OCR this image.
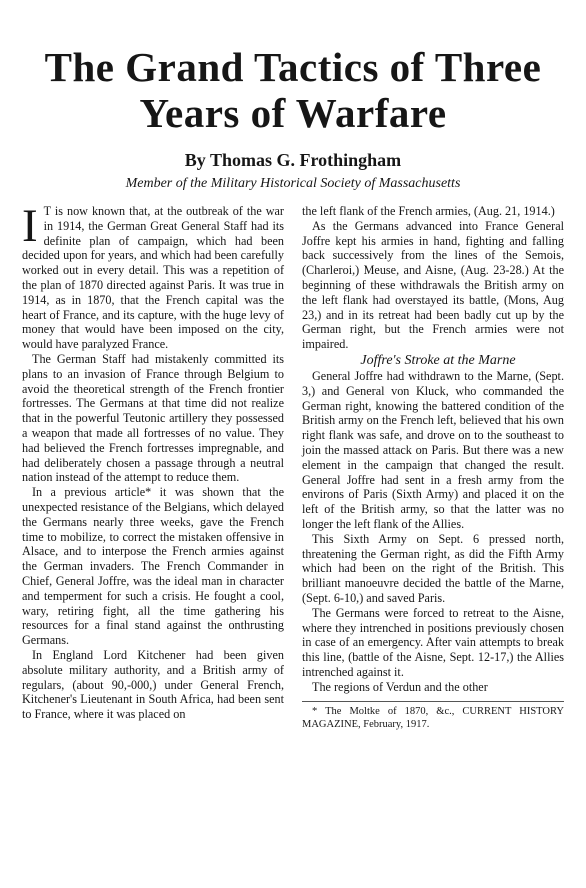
The Grand Tactics of Three
Years of Warfare
By Thomas G. Frothingham
Member of the Military Historical Society of Massachusetts

I T is now known that, at the outbreak of the war in 1914, the German Great General Staff had its definite plan of campaign, which had been decided upon for years, and which had been carefully worked out in every detail. This was a repetition of the plan of 1870 directed against Paris. It was true in 1914, as in 1870, that the French capital was the heart of France, and its capture, with the huge levy of money that would have been imposed on the city, would have paralyzed France.

The German Staff had mistakenly committed its plans to an invasion of France through Belgium to avoid the theoretical strength of the French frontier fortresses. The Germans at that time did not realize that in the powerful Teutonic artillery they possessed a weapon that made all fortresses of no value. They had believed the French fortresses impregnable, and had deliberately chosen a passage through a neutral nation instead of the attempt to reduce them.

In a previous article* it was shown that the unexpected resistance of the Belgians, which delayed the Germans nearly three weeks, gave the French time to mobilize, to correct the mistaken offensive in Alsace, and to interpose the French armies against the German invaders. The French Commander in Chief, General Joffre, was the ideal man in character and temperment for such a crisis. He fought a cool, wary, retiring fight, all the time gathering his resources for a final stand against the onthrusting Germans.

In England Lord Kitchener had been given absolute military authority, and a British army of regulars, (about 90,-000,) under General French, Kitchener's Lieutenant in South Africa, had been sent to France, where it was placed on

the left flank of the French armies, (Aug. 21, 1914.)

As the Germans advanced into France General Joffre kept his armies in hand, fighting and falling back successively from the lines of the Semois, (Charleroi,) Meuse, and Aisne, (Aug. 23-28.) At the beginning of these withdrawals the British army on the left flank had overstayed its battle, (Mons, Aug 23,) and in its retreat had been badly cut up by the German right, but the French armies were not impaired.

Joffre's Stroke at the Marne

General Joffre had withdrawn to the Marne, (Sept. 3,) and General von Kluck, who commanded the German right, knowing the battered condition of the British army on the French left, believed that his own right flank was safe, and drove on to the southeast to join the massed attack on Paris. But there was a new element in the campaign that changed the result. General Joffre had sent in a fresh army from the environs of Paris (Sixth Army) and placed it on the left of the British army, so that the latter was no longer the left flank of the Allies.

This Sixth Army on Sept. 6 pressed north, threatening the German right, as did the Fifth Army which had been on the right of the British. This brilliant manoeuvre decided the battle of the Marne, (Sept. 6-10,) and saved Paris.

The Germans were forced to retreat to the Aisne, where they intrenched in positions previously chosen in case of an emergency. After vain attempts to break this line, (battle of the Aisne, Sept. 12-17,) the Allies intrenched against it.

The regions of Verdun and the other

* The Moltke of 1870, &c., CURRENT HISTORY MAGAZINE, February, 1917.
